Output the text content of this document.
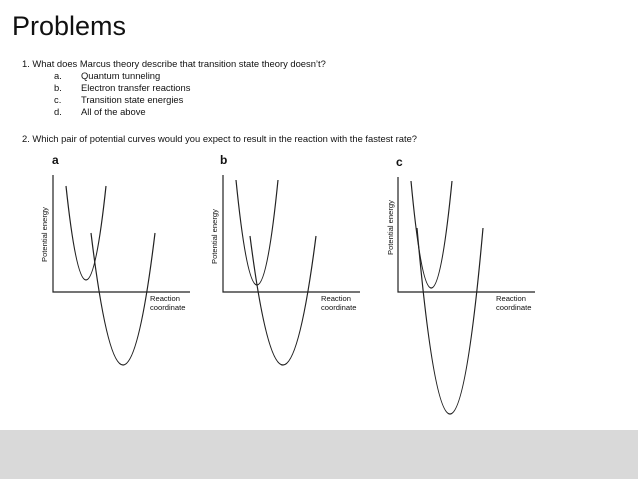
Problems
1. What does Marcus theory describe that transition state theory doesn’t?
a. Quantum tunneling
b. Electron transfer reactions
c. Transition state energies
d. All of the above
2. Which pair of potential curves would you expect to result in the reaction with the fastest rate?
a
Potential energy
Reaction
coordinate
b
Potential energy
Reaction
coordinate
c
Potential energy
Reaction
coordinate
